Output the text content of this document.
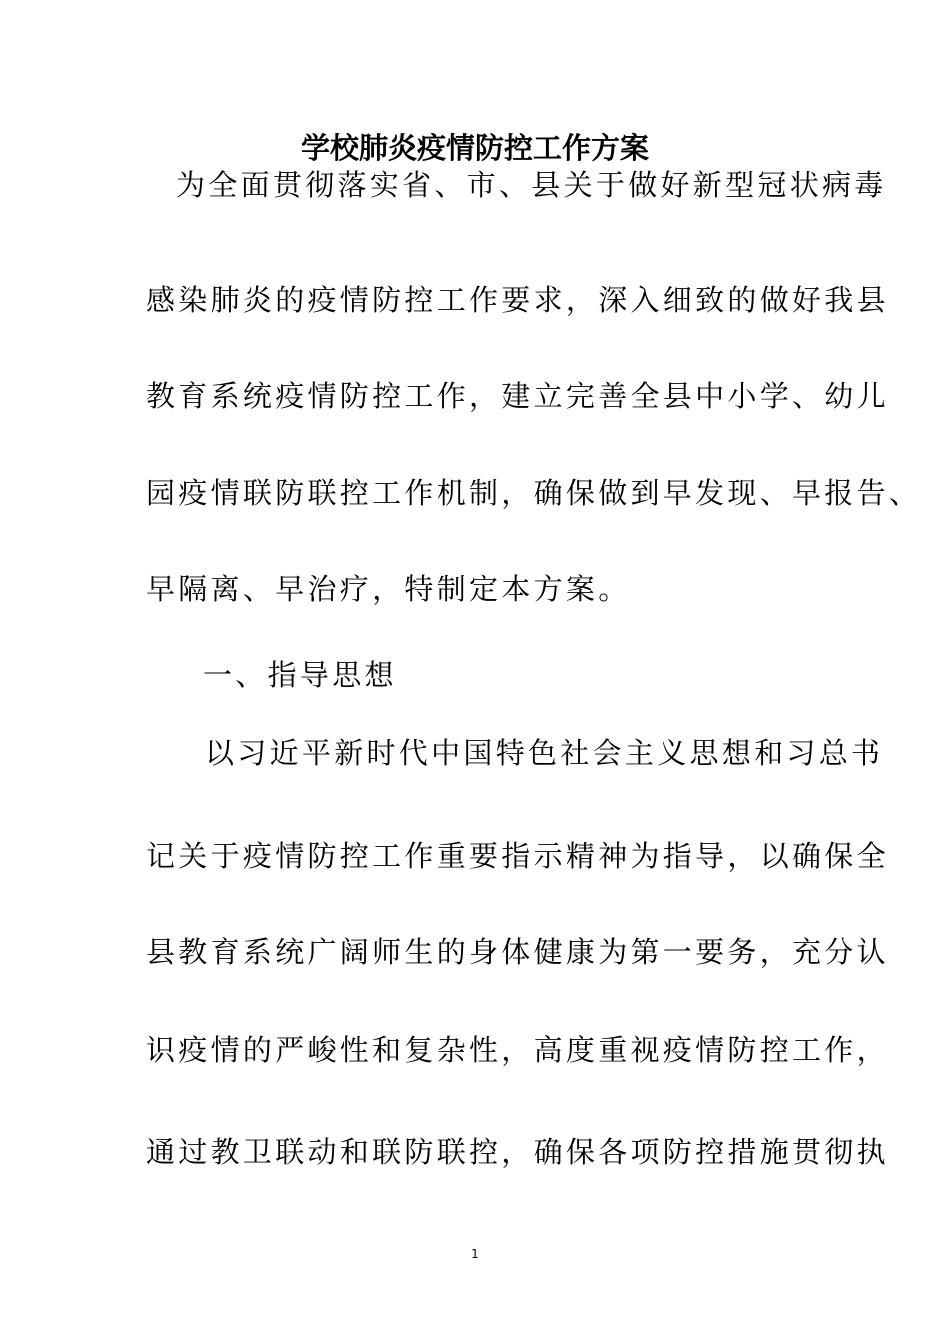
学校肺炎疫情防控工作方案
为全面贯彻落实省、市、县关于做好新型冠状病毒
感染肺炎的疫情防控工作要求，深入细致的做好我县
教育系统疫情防控工作，建立完善全县中小学、幼儿
园疫情联防联控工作机制，确保做到早发现、早报告、
早隔离、早治疗，特制定本方案。
一、指导思想
以习近平新时代中国特色社会主义思想和习总书
记关于疫情防控工作重要指示精神为指导，以确保全
县教育系统广阔师生的身体健康为第一要务，充分认
识疫情的严峻性和复杂性，高度重视疫情防控工作，
通过教卫联动和联防联控，确保各项防控措施贯彻执
1
